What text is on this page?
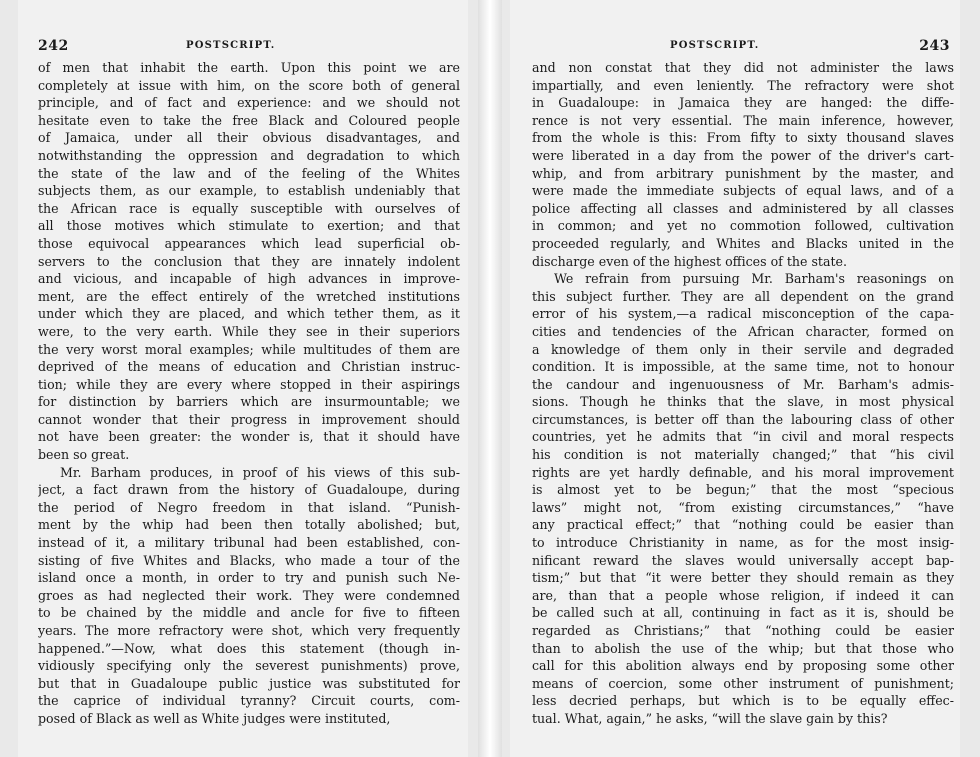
242	POSTSCRIPT.
of men that inhabit the earth. Upon this point we are
completely at issue with him, on the score both of general
principle, and of fact and experience: and we should not
hesitate even to take the free Black and Coloured people
of Jamaica, under all their obvious disadvantages, and
notwithstanding the oppression and degradation to which
the state of the law and of the feeling of the Whites
subjects them, as our example, to establish undeniably that
the African race is equally susceptible with ourselves of
all those motives which stimulate to exertion; and that
those equivocal appearances which lead superficial ob-
servers to the conclusion that they are innately indolent
and vicious, and incapable of high advances in improve-
ment, are the effect entirely of the wretched institutions
under which they are placed, and which tether them, as it
were, to the very earth. While they see in their superiors
the very worst moral examples; while multitudes of them are
deprived of the means of education and Christian instruc-
tion; while they are every where stopped in their aspirings
for distinction by barriers which are insurmountable; we
cannot wonder that their progress in improvement should
not have been greater: the wonder is, that it should have
been so great.
Mr. Barham produces, in proof of his views of this sub-
ject, a fact drawn from the history of Guadaloupe, during
the period of Negro freedom in that island. “Punish-
ment by the whip had been then totally abolished; but,
instead of it, a military tribunal had been established, con-
sisting of five Whites and Blacks, who made a tour of the
island once a month, in order to try and punish such Ne-
groes as had neglected their work. They were condemned
to be chained by the middle and ancle for five to fifteen
years. The more refractory were shot, which very frequently
happened.”—Now, what does this statement (though in-
vidiously specifying only the severest punishments) prove,
but that in Guadaloupe public justice was substituted for
the caprice of individual tyranny? Circuit courts, com-
posed of Black as well as White judges were instituted,
POSTSCRIPT.	243
and non constat that they did not administer the laws
impartially, and even leniently. The refractory were shot
in Guadaloupe: in Jamaica they are hanged: the diffe-
rence is not very essential. The main inference, however,
from the whole is this: From fifty to sixty thousand slaves
were liberated in a day from the power of the driver's cart-
whip, and from arbitrary punishment by the master, and
were made the immediate subjects of equal laws, and of a
police affecting all classes and administered by all classes
in common; and yet no commotion followed, cultivation
proceeded regularly, and Whites and Blacks united in the
discharge even of the highest offices of the state.
We refrain from pursuing Mr. Barham's reasonings on
this subject further. They are all dependent on the grand
error of his system,—a radical misconception of the capa-
cities and tendencies of the African character, formed on
a knowledge of them only in their servile and degraded
condition. It is impossible, at the same time, not to honour
the candour and ingenuousness of Mr. Barham's admis-
sions. Though he thinks that the slave, in most physical
circumstances, is better off than the labouring class of other
countries, yet he admits that “in civil and moral respects
his condition is not materially changed;” that “his civil
rights are yet hardly definable, and his moral improvement
is almost yet to be begun;” that the most “specious
laws” might not, “from existing circumstances,” “have
any practical effect;” that “nothing could be easier than
to introduce Christianity in name, as for the most insig-
nificant reward the slaves would universally accept bap-
tism;” but that “it were better they should remain as they
are, than that a people whose religion, if indeed it can
be called such at all, continuing in fact as it is, should be
regarded as Christians;” that “nothing could be easier
than to abolish the use of the whip; but that those who
call for this abolition always end by proposing some other
means of coercion, some other instrument of punishment;
less decried perhaps, but which is to be equally effec-
tual. What, again,” he asks, “will the slave gain by this?
